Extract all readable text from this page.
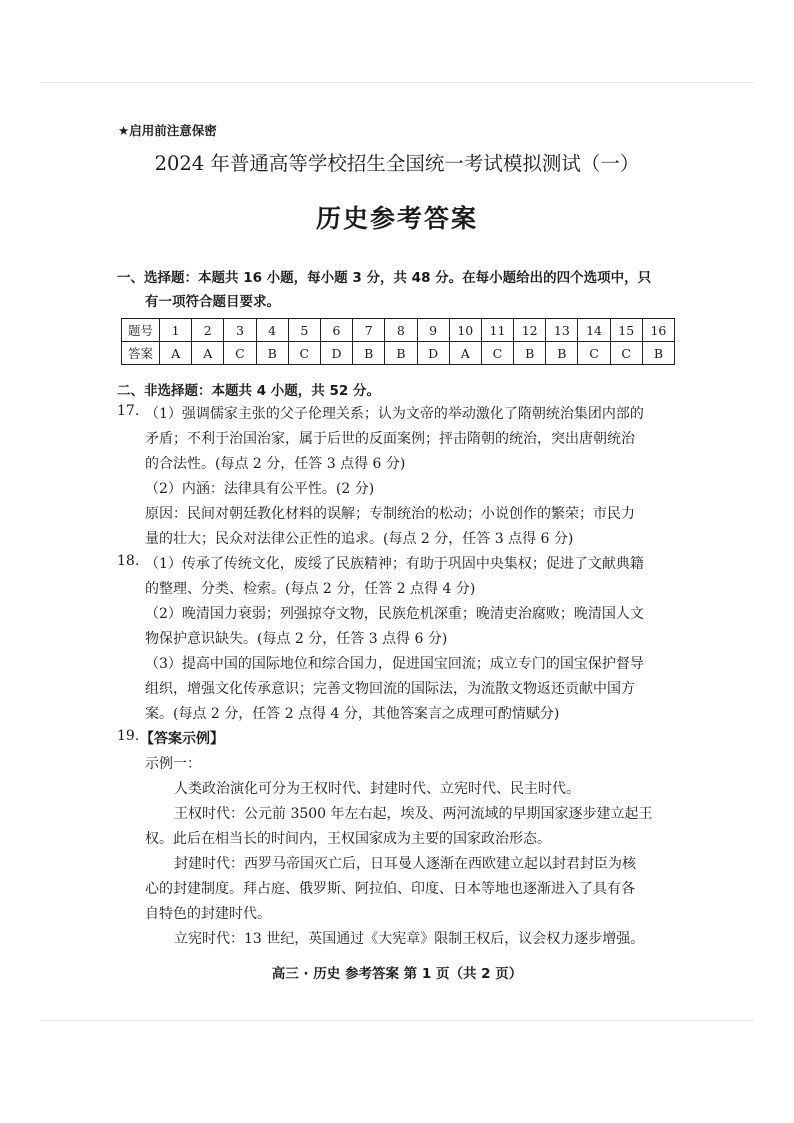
★启用前注意保密
2024 年普通高等学校招生全国统一考试模拟测试（一）
历史参考答案
一、选择题：本题共 16 小题，每小题 3 分，共 48 分。在每小题给出的四个选项中，只
有一项符合题目要求。
题号	1	2	3	4	5	6	7	8	9	10	11	12	13	14	15	16
答案	A	A	C	B	C	D	B	B	D	A	C	B	B	C	C	B
二、非选择题：本题共 4 小题，共 52 分。
17. （1）强调儒家主张的父子伦理关系；认为文帝的举动激化了隋朝统治集团内部的
矛盾；不利于治国治家，属于后世的反面案例；抨击隋朝的统治，突出唐朝统治
的合法性。(每点 2 分，任答 3 点得 6 分)
（2）内涵：法律具有公平性。(2 分)
原因：民间对朝廷教化材料的误解；专制统治的松动；小说创作的繁荣；市民力
量的壮大；民众对法律公正性的追求。(每点 2 分，任答 3 点得 6 分)
18. （1）传承了传统文化，废绥了民族精神；有助于巩固中央集权；促进了文献典籍
的整理、分类、检索。(每点 2 分，任答 2 点得 4 分)
（2）晚清国力衰弱；列强掠夺文物，民族危机深重；晚清吏治腐败；晚清国人文
物保护意识缺失。(每点 2 分，任答 3 点得 6 分)
（3）提高中国的国际地位和综合国力，促进国宝回流；成立专门的国宝保护督导
组织，增强文化传承意识；完善文物回流的国际法，为流散文物返还贡献中国方
案。(每点 2 分，任答 2 点得 4 分，其他答案言之成理可酌情赋分)
19. 【答案示例】
示例一：
人类政治演化可分为王权时代、封建时代、立宪时代、民主时代。
王权时代：公元前 3500 年左右起，埃及、两河流域的早期国家逐步建立起王
权。此后在相当长的时间内，王权国家成为主要的国家政治形态。
封建时代：西罗马帝国灭亡后，日耳曼人逐渐在西欧建立起以封君封臣为核
心的封建制度。拜占庭、俄罗斯、阿拉伯、印度、日本等地也逐渐进入了具有各
自特色的封建时代。
立宪时代：13 世纪，英国通过《大宪章》限制王权后，议会权力逐步增强。
高三 · 历史 参考答案 第 1 页（共 2 页）
